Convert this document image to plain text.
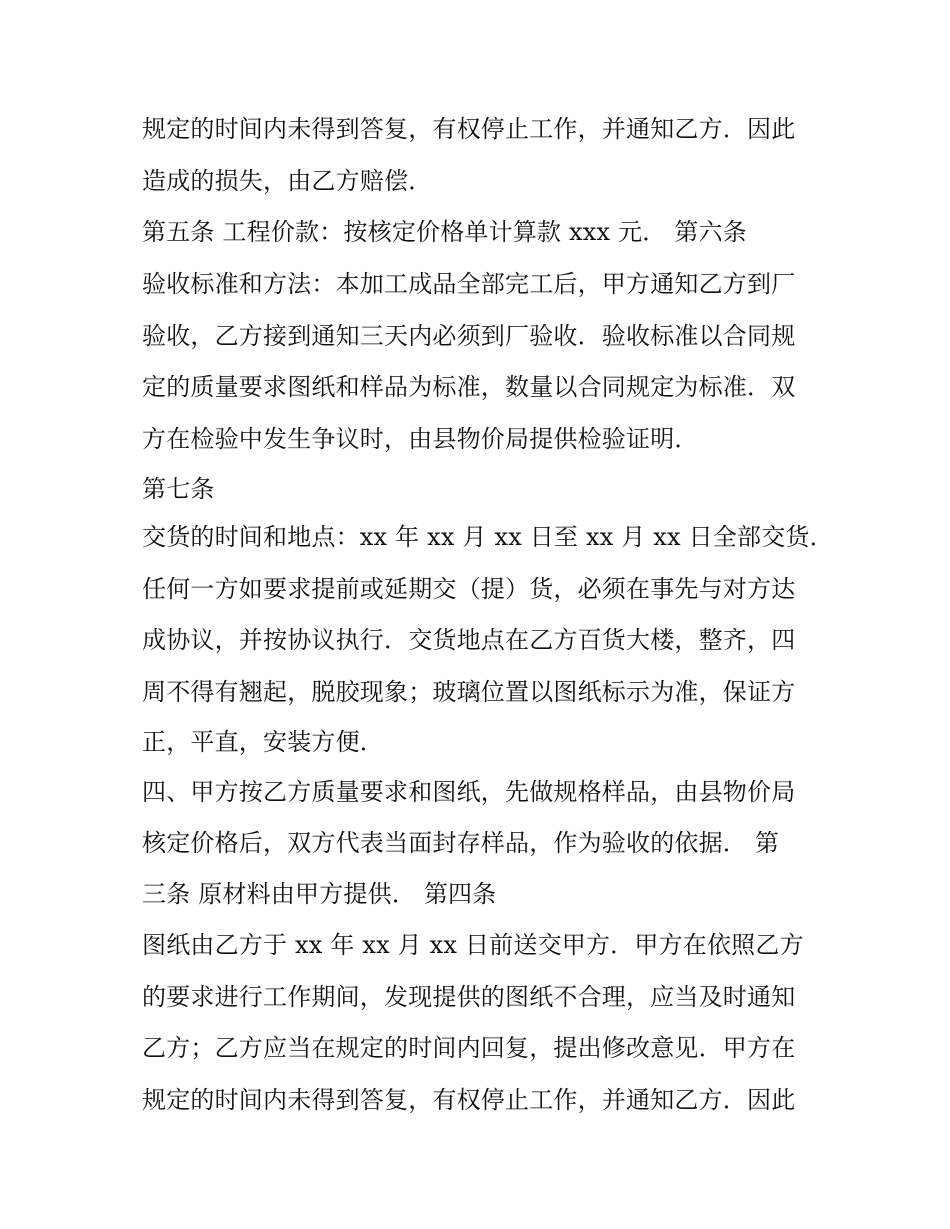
规定的时间内未得到答复，有权停止工作，并通知乙方．因此
造成的损失，由乙方赔偿．
第五条 工程价款：按核定价格单计算款 xxx 元． 第六条
验收标准和方法：本加工成品全部完工后，甲方通知乙方到厂
验收，乙方接到通知三天内必须到厂验收．验收标准以合同规
定的质量要求图纸和样品为标准，数量以合同规定为标准．双
方在检验中发生争议时，由县物价局提供检验证明．
第七条
交货的时间和地点：xx 年 xx 月 xx 日至 xx 月 xx 日全部交货．
任何一方如要求提前或延期交（提）货，必须在事先与对方达
成协议，并按协议执行．交货地点在乙方百货大楼，整齐，四
周不得有翘起，脱胶现象；玻璃位置以图纸标示为准，保证方
正，平直，安装方便．
四、甲方按乙方质量要求和图纸，先做规格样品，由县物价局
核定价格后，双方代表当面封存样品，作为验收的依据． 第
三条 原材料由甲方提供． 第四条
图纸由乙方于 xx 年 xx 月 xx 日前送交甲方．甲方在依照乙方
的要求进行工作期间，发现提供的图纸不合理，应当及时通知
乙方；乙方应当在规定的时间内回复，提出修改意见．甲方在
规定的时间内未得到答复，有权停止工作，并通知乙方．因此
